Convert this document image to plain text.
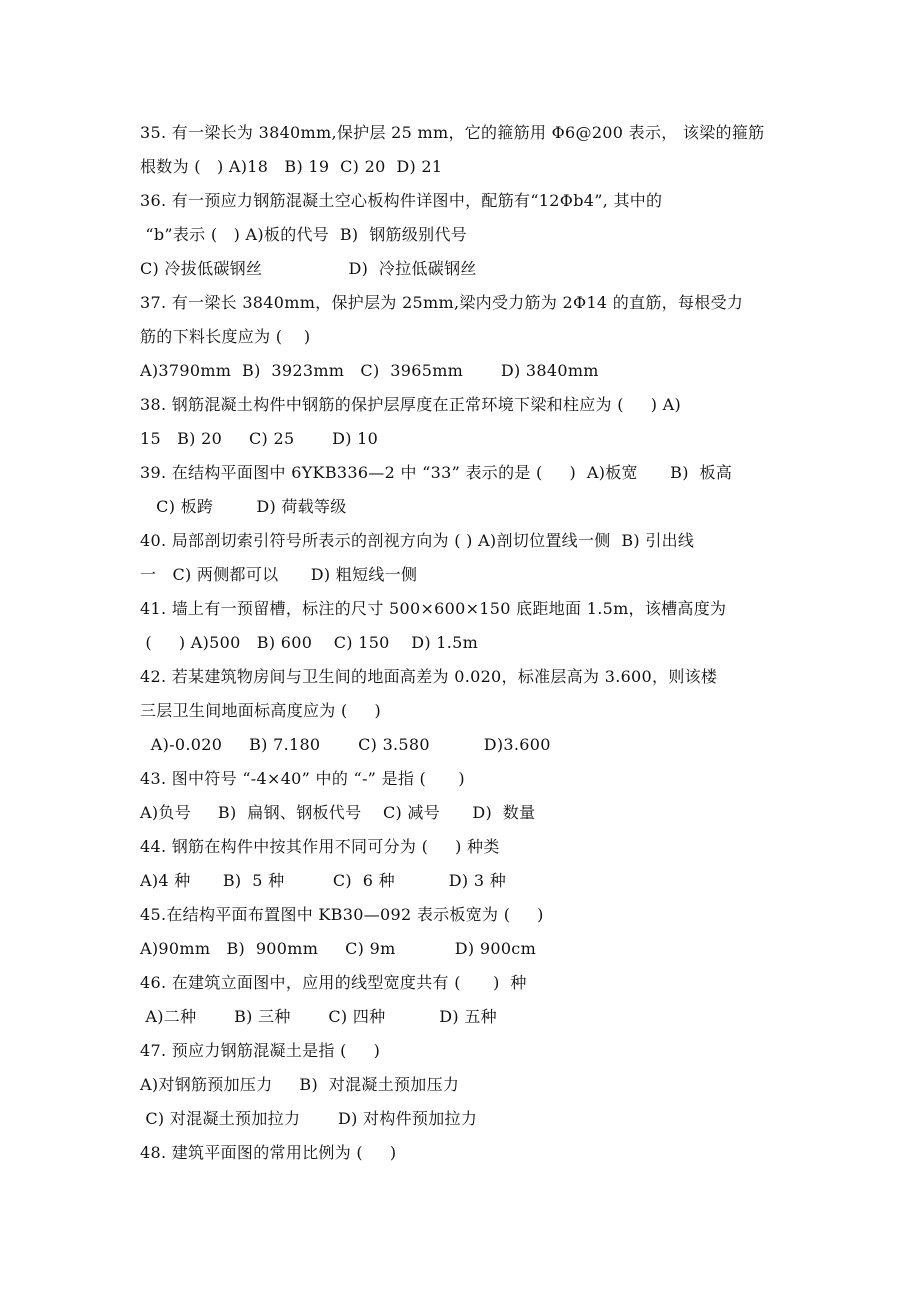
35. 有一梁长为 3840mm,保护层 25 mm，它的箍筋用 Φ6@200 表示， 该梁的箍筋
根数为 (   ) A)18   B) 19  C) 20  D) 21
36. 有一预应力钢筋混凝土空心板构件详图中，配筋有“12Φb4”, 其中的
“b”表示 (   ) A)板的代号  B)  钢筋级别代号
C) 冷拔低碳钢丝                D)  冷拉低碳钢丝
37. 有一梁长 3840mm，保护层为 25mm,梁内受力筋为 2Φ14 的直筋，每根受力
筋的下料长度应为 (    )
A)3790mm  B)  3923mm   C)  3965mm       D) 3840mm
38. 钢筋混凝土构件中钢筋的保护层厚度在正常环境下梁和柱应为 (     ) A)
15   B) 20     C) 25       D) 10
39. 在结构平面图中 6YKB336—2 中 “33” 表示的是 (     )  A)板宽      B)  板高
C) 板跨        D) 荷载等级
40. 局部剖切索引符号所表示的剖视方向为 ( ) A)剖切位置线一侧  B) 引出线
一   C) 两侧都可以      D) 粗短线一侧
41. 墙上有一预留槽，标注的尺寸 500×600×150 底距地面 1.5m，该槽高度为
(     ) A)500   B) 600    C) 150    D) 1.5m
42. 若某建筑物房间与卫生间的地面高差为 0.020，标准层高为 3.600，则该楼
三层卫生间地面标高度应为 (     )
A)-0.020     B) 7.180       C) 3.580          D)3.600
43. 图中符号 “-4×40” 中的 “-” 是指 (      )
A)负号     B)  扁钢、钢板代号    C) 减号      D)  数量
44. 钢筋在构件中按其作用不同可分为 (     ) 种类
A)4 种      B)  5 种         C)  6 种          D) 3 种
45.在结构平面布置图中 KB30—092 表示板宽为 (     )
A)90mm   B)  900mm     C) 9m           D) 900cm
46. 在建筑立面图中，应用的线型宽度共有 (      )  种
A)二种       B) 三种       C) 四种          D) 五种
47. 预应力钢筋混凝土是指 (     )
A)对钢筋预加压力     B)  对混凝土预加压力
C) 对混凝土预加拉力       D) 对构件预加拉力
48. 建筑平面图的常用比例为 (     )
